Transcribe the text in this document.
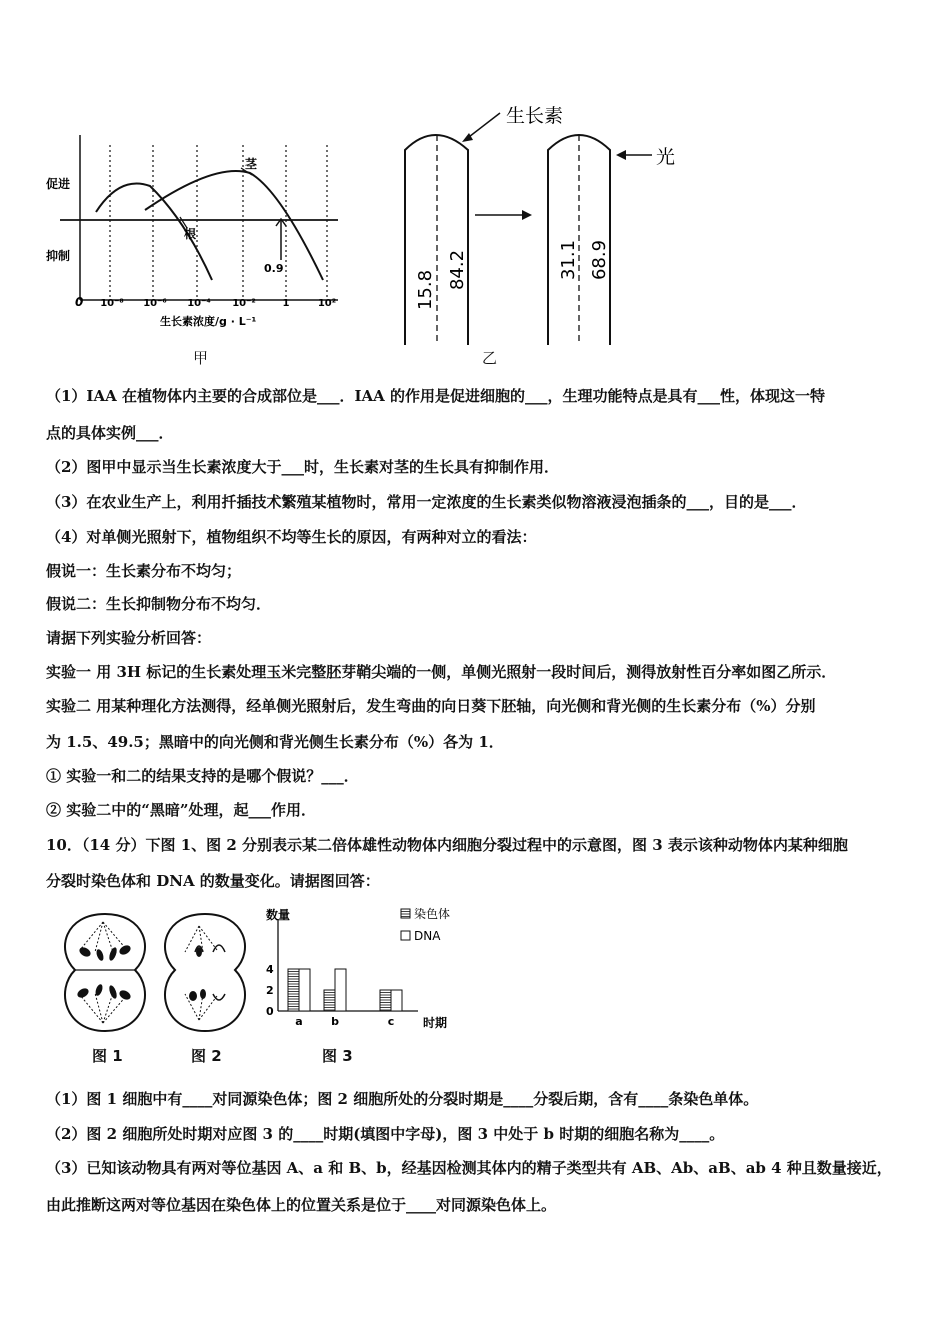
促进
抑制
茎
根
0.9
0 10⁻⁸ 10⁻⁶ 10⁻⁴ 10⁻²	1	10²
生长素浓度/g · L⁻¹
甲
生长素
光
15.8 84.2	31.1 68.9
乙
（1）IAA 在植物体内主要的合成部位是___．IAA 的作用是促进细胞的___，生理功能特点是具有___性，体现这一特
点的具体实例___．
（2）图甲中显示当生长素浓度大于___时，生长素对茎的生长具有抑制作用．
（3）在农业生产上，利用扦插技术繁殖某植物时，常用一定浓度的生长素类似物溶液浸泡插条的___，目的是___．
（4）对单侧光照射下，植物组织不均等生长的原因，有两种对立的看法：
假说一：生长素分布不均匀；
假说二：生长抑制物分布不均匀．
请据下列实验分析回答：
实验一 用 3H 标记的生长素处理玉米完整胚芽鞘尖端的一侧，单侧光照射一段时间后，测得放射性百分率如图乙所示．
实验二 用某种理化方法测得，经单侧光照射后，发生弯曲的向日葵下胚轴，向光侧和背光侧的生长素分布（%）分别
为 1.5、49.5；黑暗中的向光侧和背光侧生长素分布（%）各为 1．
① 实验一和二的结果支持的是哪个假说？___．
② 实验二中的“黑暗”处理，起___作用．
10．（14 分）下图 1、图 2 分别表示某二倍体雄性动物体内细胞分裂过程中的示意图，图 3 表示该种动物体内某种细胞
分裂时染色体和 DNA 的数量变化。请据图回答：
图 1	图 2
数量
时期
a	b	c
0
2
4
染色体
DNA
图 3
（1）图 1 细胞中有____对同源染色体；图 2 细胞所处的分裂时期是____分裂后期，含有____条染色单体。
（2）图 2 细胞所处时期对应图 3 的____时期(填图中字母)，图 3 中处于 b 时期的细胞名称为____。
（3）已知该动物具有两对等位基因 A、a 和 B、b，经基因检测其体内的精子类型共有 AB、Ab、aB、ab 4 种且数量接近，
由此推断这两对等位基因在染色体上的位置关系是位于____对同源染色体上。
